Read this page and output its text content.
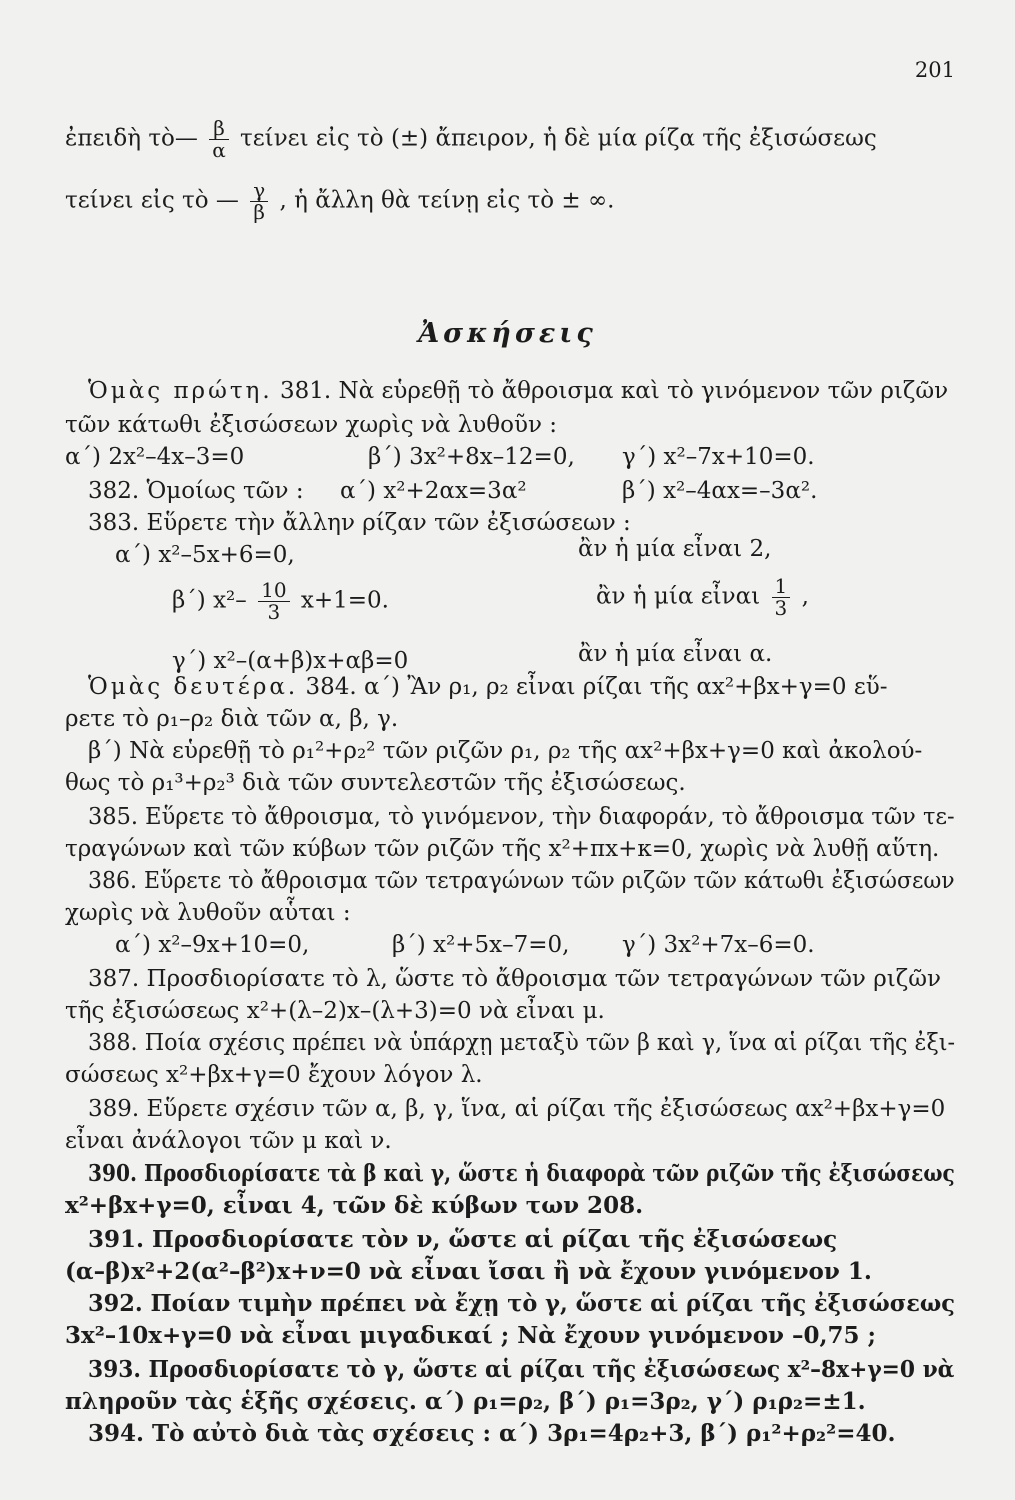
201
ἐπειδὴ τὸ— $\frac{\beta}{\alpha}$ τείνει εἰς τὸ (±) ἄπειρον, ἡ δὲ μία ρίζα τῆς ἐξισώσεως
τείνει εἰς τὸ — $\frac{\gamma}{\beta}$ , ἡ ἄλλη θὰ τείνῃ εἰς τὸ ± ∞.
Ἀσκήσεις
Ὁμὰς πρώτη. 381. Νὰ εὑρεθῇ τὸ ἄθροισμα καὶ τὸ γινόμενον τῶν ριζῶν
τῶν κάτωθι ἐξισώσεων χωρὶς νὰ λυθοῦν :
α΄) 2x²–4x–3=0	β΄) 3x²+8x–12=0, γ΄) x²–7x+10=0.
382. Ὁμοίως τῶν : α΄) x²+2αx=3α²	β΄) x²–4αx=–3α².
383. Εὕρετε τὴν ἄλλην ρίζαν τῶν ἐξισώσεων :
α΄) x²–5x+6=0,	ἂν ἡ μία εἶναι 2,
β΄) $x^2- \frac{10}{3} x+1=0$.	ἂν ἡ μία εἶναι $\frac{1}{3}$ ,
γ΄) x²–(α+β)x+αβ=0	ἂν ἡ μία εἶναι α.
Ὁμὰς δευτέρα. 384. α΄) Ἂν ρ₁, ρ₂ εἶναι ρίζαι τῆς αx²+βx+γ=0 εὕ-
ρετε τὸ ρ₁–ρ₂ διὰ τῶν α, β, γ.
β΄) Νὰ εὑρεθῇ τὸ ρ₁²+ρ₂² τῶν ριζῶν ρ₁, ρ₂ τῆς αx²+βx+γ=0 καὶ ἀκολού-
θως τὸ ρ₁³+ρ₂³ διὰ τῶν συντελεστῶν τῆς ἐξισώσεως.
385. Εὕρετε τὸ ἄθροισμα, τὸ γινόμενον, τὴν διαφοράν, τὸ ἄθροισμα τῶν τε-
τραγώνων καὶ τῶν κύβων τῶν ριζῶν τῆς x²+πx+κ=0, χωρὶς νὰ λυθῇ αὕτη.
386. Εὕρετε τὸ ἄθροισμα τῶν τετραγώνων τῶν ριζῶν τῶν κάτωθι ἐξισώσεων
χωρὶς νὰ λυθοῦν αὗται :
α΄) x²–9x+10=0,	β΄) x²+5x–7=0, γ΄) 3x²+7x–6=0.
387. Προσδιορίσατε τὸ λ, ὥστε τὸ ἄθροισμα τῶν τετραγώνων τῶν ριζῶν
τῆς ἐξισώσεως x²+(λ–2)x–(λ+3)=0 νὰ εἶναι μ.
388. Ποία σχέσις πρέπει νὰ ὑπάρχῃ μεταξὺ τῶν β καὶ γ, ἵνα αἱ ρίζαι τῆς ἐξι-
σώσεως x²+βx+γ=0 ἔχουν λόγον λ.
389. Εὕρετε σχέσιν τῶν α, β, γ, ἵνα, αἱ ρίζαι τῆς ἐξισώσεως αx²+βx+γ=0
εἶναι ἀνάλογοι τῶν μ καὶ ν.
390. Προσδιορίσατε τὰ β καὶ γ, ὥστε ἡ διαφορὰ τῶν ριζῶν τῆς ἐξισώσεως
x²+βx+γ=0, εἶναι 4, τῶν δὲ κύβων των 208.
391. Προσδιορίσατε τὸν ν, ὥστε αἱ ρίζαι τῆς ἐξισώσεως
(α–β)x²+2(α²–β²)x+ν=0 νὰ εἶναι ἴσαι ἢ νὰ ἔχουν γινόμενον 1.
392. Ποίαν τιμὴν πρέπει νὰ ἔχῃ τὸ γ, ὥστε αἱ ρίζαι τῆς ἐξισώσεως
3x²–10x+γ=0 νὰ εἶναι μιγαδικαί ; Νὰ ἔχουν γινόμενον –0,75 ;
393. Προσδιορίσατε τὸ γ, ὥστε αἱ ρίζαι τῆς ἐξισώσεως x²–8x+γ=0 νὰ
πληροῦν τὰς ἑξῆς σχέσεις. α΄) ρ₁=ρ₂, β΄) ρ₁=3ρ₂, γ΄) ρ₁ρ₂=±1.
394. Τὸ αὐτὸ διὰ τὰς σχέσεις : α΄) 3ρ₁=4ρ₂+3, β΄) ρ₁²+ρ₂²=40.
